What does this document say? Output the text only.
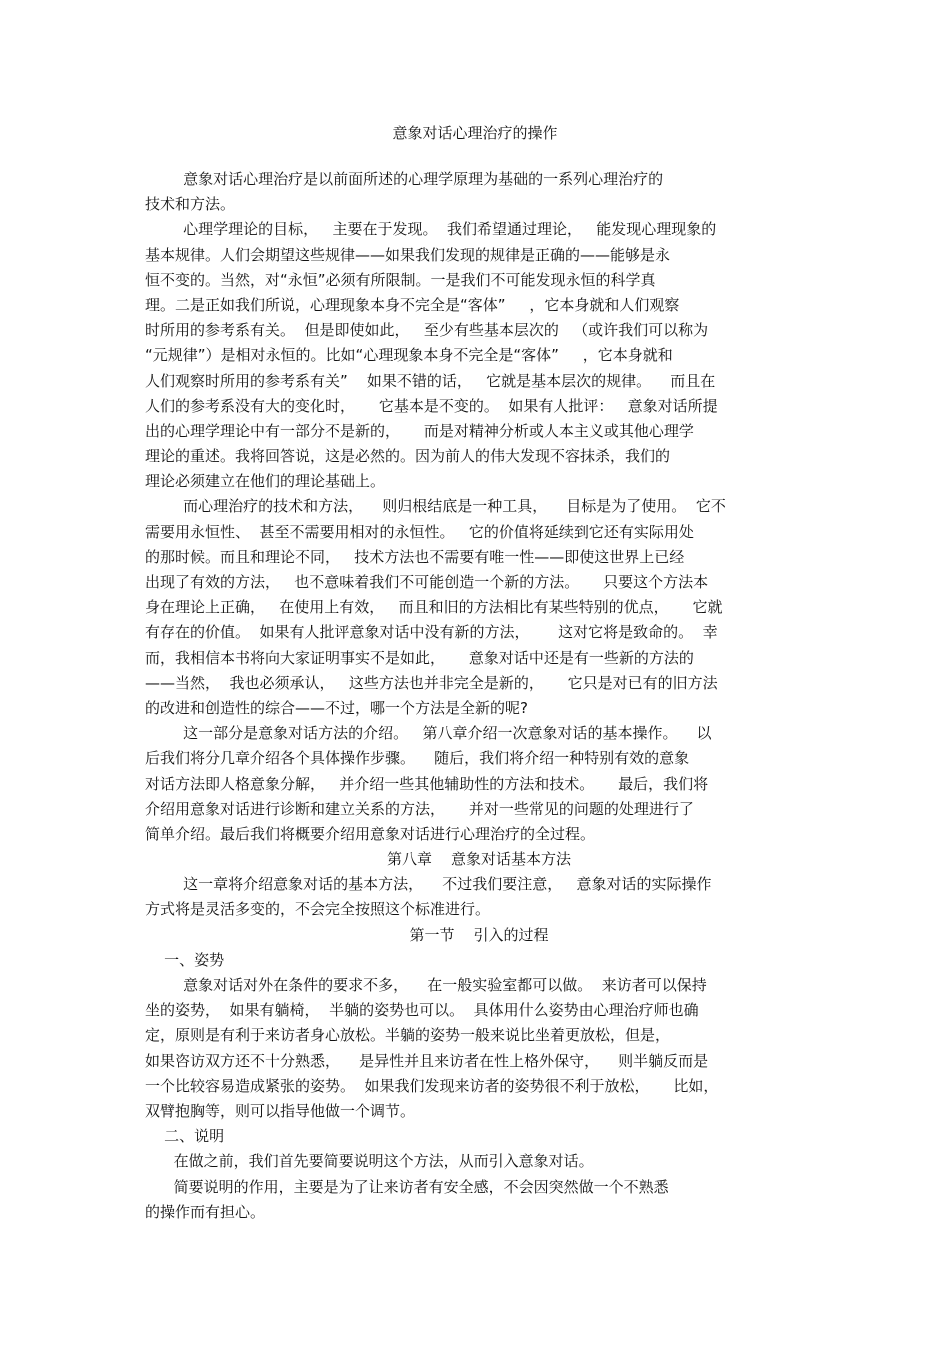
意象对话心理治疗的操作
意象对话心理治疗是以前面所述的心理学原理为基础的一系列心理治疗的
技术和方法。
心理学理论的目标，   主要在于发现。  我们希望通过理论，   能发现心理现象的
基本规律。人们会期望这些规律——如果我们发现的规律是正确的——能够是永
恒不变的。当然，对“永恒”必须有所限制。一是我们不可能发现永恒的科学真
理。二是正如我们所说，心理现象本身不完全是“客体”     ，它本身就和人们观察
时所用的参考系有关。  但是即使如此，   至少有些基本层次的   （或许我们可以称为
“元规律”）是相对永恒的。比如“心理现象本身不完全是“客体”     ，它本身就和
人们观察时所用的参考系有关”    如果不错的话，   它就是基本层次的规律。    而且在
人们的参考系没有大的变化时，     它基本是不变的。  如果有人批评：   意象对话所提
出的心理学理论中有一部分不是新的，     而是对精神分析或人本主义或其他心理学
理论的重述。我将回答说，这是必然的。因为前人的伟大发现不容抹杀，我们的
理论必须建立在他们的理论基础上。
而心理治疗的技术和方法，    则归根结底是一种工具，    目标是为了使用。  它不
需要用永恒性、  甚至不需要用相对的永恒性。   它的价值将延续到它还有实际用处
的那时候。而且和理论不同，   技术方法也不需要有唯一性——即使这世界上已经
出现了有效的方法，   也不意味着我们不可能创造一个新的方法。     只要这个方法本
身在理论上正确，   在使用上有效，   而且和旧的方法相比有某些特别的优点，     它就
有存在的价值。  如果有人批评意象对话中没有新的方法，      这对它将是致命的。  幸
而，我相信本书将向大家证明事实不是如此，     意象对话中还是有一些新的方法的
——当然，  我也必须承认，   这些方法也并非完全是新的，     它只是对已有的旧方法
的改进和创造性的综合——不过，哪一个方法是全新的呢?
这一部分是意象对话方法的介绍。   第八章介绍一次意象对话的基本操作。    以
后我们将分几章介绍各个具体操作步骤。    随后，我们将介绍一种特别有效的意象
对话方法即人格意象分解，   并介绍一些其他辅助性的方法和技术。     最后，我们将
介绍用意象对话进行诊断和建立关系的方法，     并对一些常见的问题的处理进行了
简单介绍。最后我们将概要介绍用意象对话进行心理治疗的全过程。
第八章    意象对话基本方法
这一章将介绍意象对话的基本方法，    不过我们要注意，   意象对话的实际操作
方式将是灵活多变的，不会完全按照这个标准进行。
第一节    引入的过程
一、姿势
意象对话对外在条件的要求不多，    在一般实验室都可以做。  来访者可以保持
坐的姿势，  如果有躺椅，  半躺的姿势也可以。  具体用什么姿势由心理治疗师也确
定，原则是有利于来访者身心放松。半躺的姿势一般来说比坐着更放松，但是，
如果咨访双方还不十分熟悉，    是异性并且来访者在性上格外保守，    则半躺反而是
一个比较容易造成紧张的姿势。  如果我们发现来访者的姿势很不利于放松，     比如，
双臂抱胸等，则可以指导他做一个调节。
二、说明
在做之前，我们首先要简要说明这个方法，从而引入意象对话。
简要说明的作用，主要是为了让来访者有安全感，不会因突然做一个不熟悉
的操作而有担心。
